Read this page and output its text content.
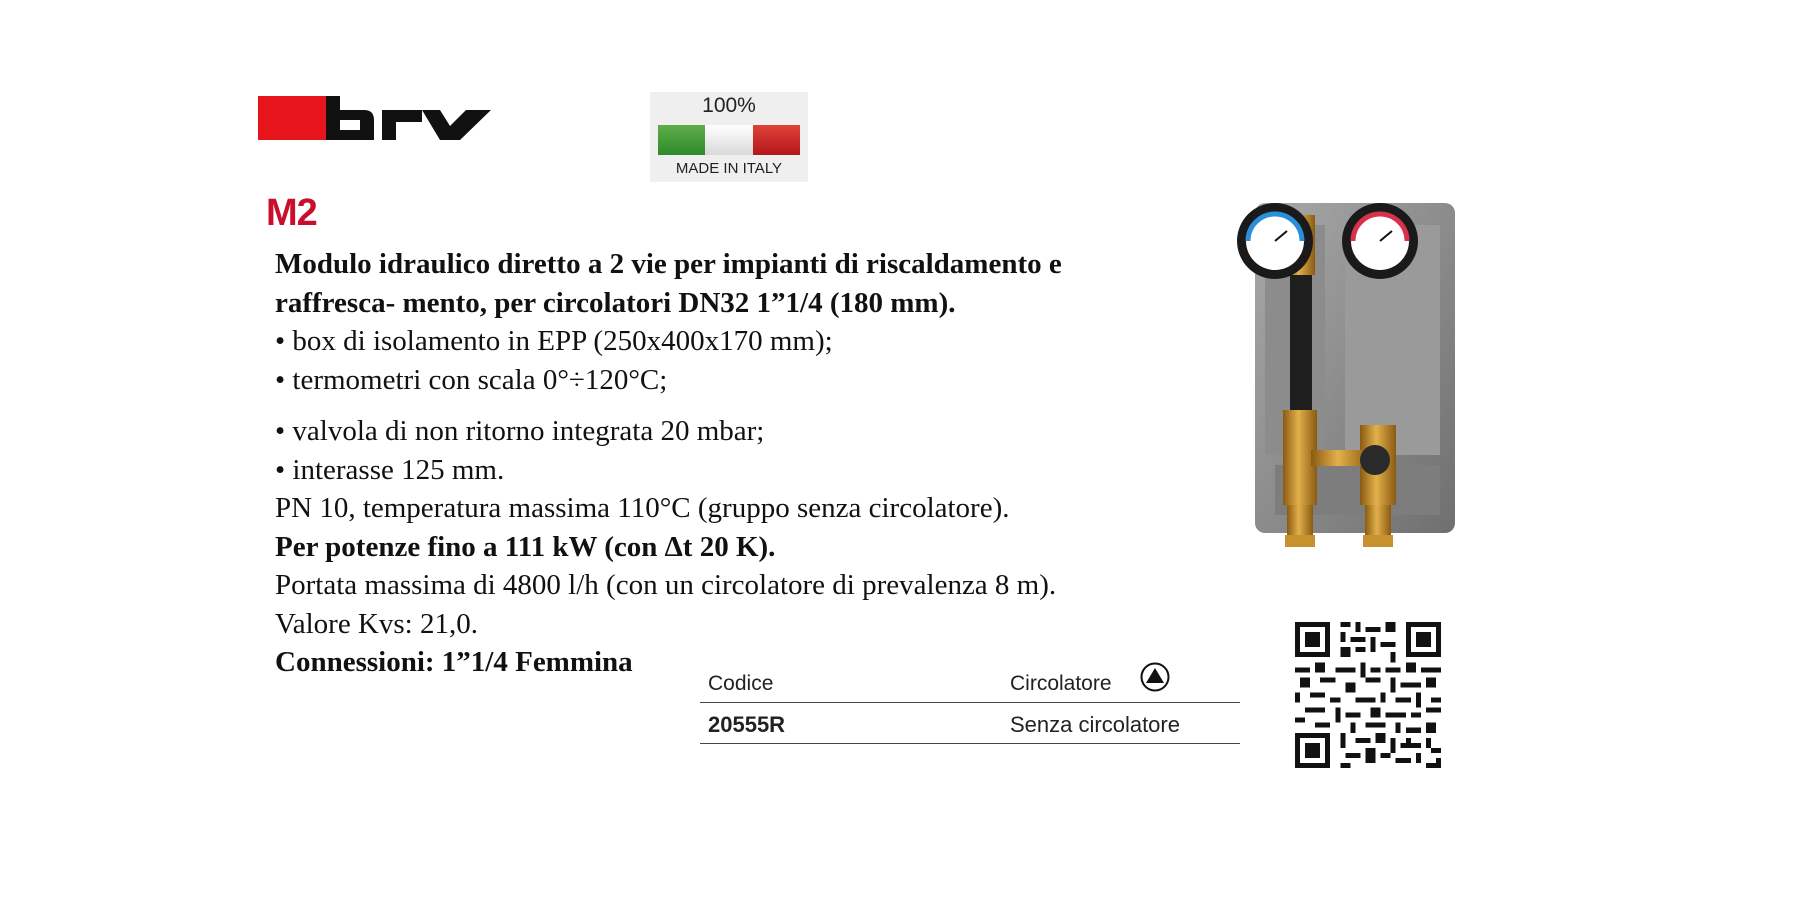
100%
MADE IN ITALY
M2
Modulo idraulico diretto a 2 vie per impianti di riscaldamento e
raffresca- mento, per circolatori DN32 1”1/4 (180 mm).
• box di isolamento in EPP (250x400x170 mm);
• termometri con scala 0°÷120°C;
• valvola di non ritorno integrata 20 mbar;
• interasse 125 mm.
PN 10, temperatura massima 110°C (gruppo senza circolatore).
Per potenze fino a 111 kW (con Δt 20 K).
Portata massima di 4800 l/h (con un circolatore di prevalenza 8 m).
Valore Kvs: 21,0.
Connessioni: 1”1/4 Femmina
Codice	Circolatore
20555R	Senza circolatore
